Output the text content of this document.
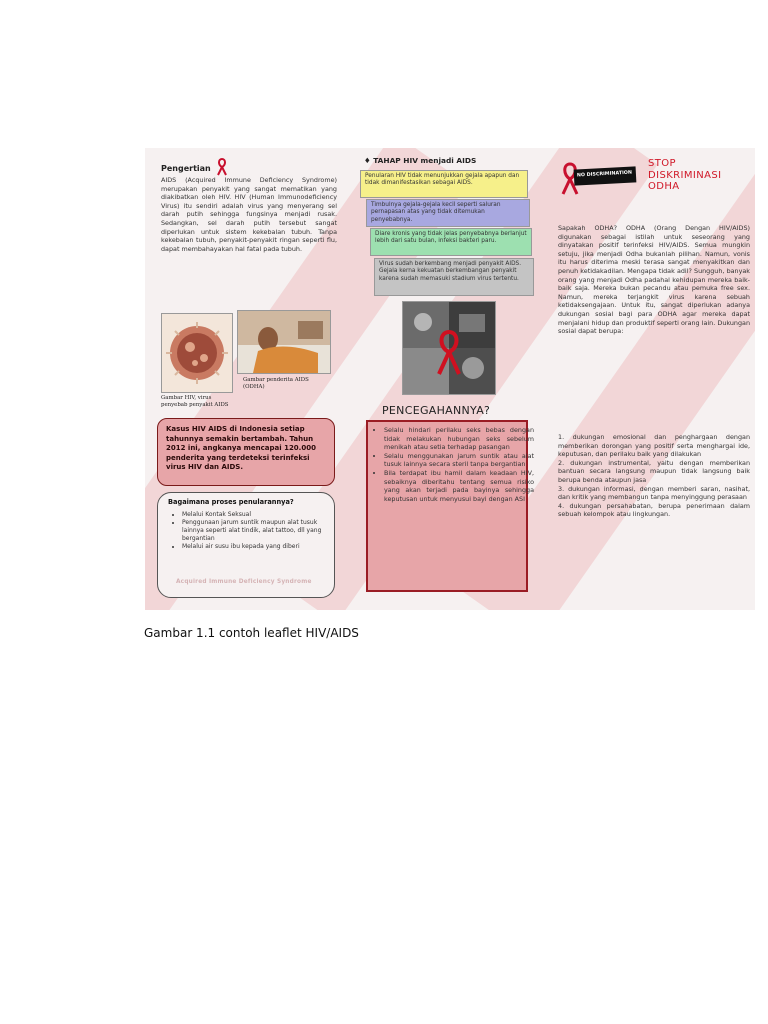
Pengertian
AIDS (Acquired Immune Deficiency Syndrome) merupakan penyakit yang sangat mematikan yang diakibatkan oleh HIV. HIV (Human Immunodeficiency Virus) itu sendiri adalah virus yang menyerang sel darah putih sehingga fungsinya menjadi rusak. Sedangkan, sel darah putih tersebut sangat diperlukan untuk sistem kekebalan tubuh. Tanpa kekebalan tubuh, penyakit-penyakit ringan seperti flu, dapat membahayakan hal fatal pada tubuh.
Gambar HIV, virus penyebab penyakit AIDS
Gambar penderita AIDS (ODHA)
Kasus HIV AIDS di Indonesia setiap tahunnya semakin bertambah. Tahun 2012 ini, angkanya mencapai 120.000 penderita yang terdeteksi terinfeksi virus HIV dan AIDS.
Bagaimana proses penularannya?
• Melalui Kontak Seksual
• Penggunaan jarum suntik maupun alat tusuk lainnya seperti alat tindik, alat tattoo, dll yang bergantian
• Melalui air susu ibu kepada yang diberi
Acquired Immune Deficiency Syndrome
♦ TAHAP HIV menjadi AIDS
Penularan HIV tidak menunjukkan gejala apapun dan tidak dimanifestasikan sebagai AIDS.
Timbulnya gejala-gejala kecil seperti saluran pernapasan atas yang tidak ditemukan penyebabnya.
Diare kronis yang tidak jelas penyebabnya berlanjut lebih dari satu bulan, infeksi bakteri paru.
Virus sudah berkembang menjadi penyakit AIDS. Gejala kerna kekuatan berkembangan penyakit karena sudah memasuki stadium virus tertentu.
PENCEGAHANNYA?
• Selalu hindari perilaku seks bebas dengan tidak melakukan hubungan seks sebelum menikah atau setia terhadap pasangan
• Selalu menggunakan jarum suntik atau alat tusuk lainnya secara steril tanpa bergantian
• Bila terdapat ibu hamil dalam keadaan HIV, sebaiknya diberitahu tentang semua risiko yang akan terjadi pada bayinya sehingga keputusan untuk menyusui bayi dengan ASI
NO DISCRIMINATION
STOP
DISKRIMINASI
ODHA
Sapakah ODHA? ODHA (Orang Dengan HIV/AIDS) digunakan sebagai istilah untuk seseorang yang dinyatakan positif terinfeksi HIV/AIDS. Semua mungkin setuju, jika menjadi Odha bukanlah pilihan. Namun, vonis itu harus diterima meski terasa sangat menyakitkan dan penuh ketidakadilan. Mengapa tidak adil? Sungguh, banyak orang yang menjadi Odha padahal kehidupan mereka baik-baik saja. Mereka bukan pecandu atau pemuka free sex. Namun, mereka terjangkit virus karena sebuah ketidaksengajaan. Untuk itu, sangat diperlukan adanya dukungan sosial bagi para ODHA agar mereka dapat menjalani hidup dan produktif seperti orang lain. Dukungan sosial dapat berupa:
1. dukungan emosional dan penghargaan dengan memberikan dorongan yang positif serta menghargai ide, keputusan, dan perilaku baik yang dilakukan
2. dukungan instrumental, yaitu dengan memberikan bantuan secara langsung maupun tidak langsung baik berupa benda ataupun jasa
3. dukungan informasi, dengan memberi saran, nasihat, dan kritik yang membangun tanpa menyinggung perasaan
4. dukungan persahabatan, berupa penerimaan dalam sebuah kelompok atau lingkungan.
Gambar 1.1 contoh leaflet HIV/AIDS
